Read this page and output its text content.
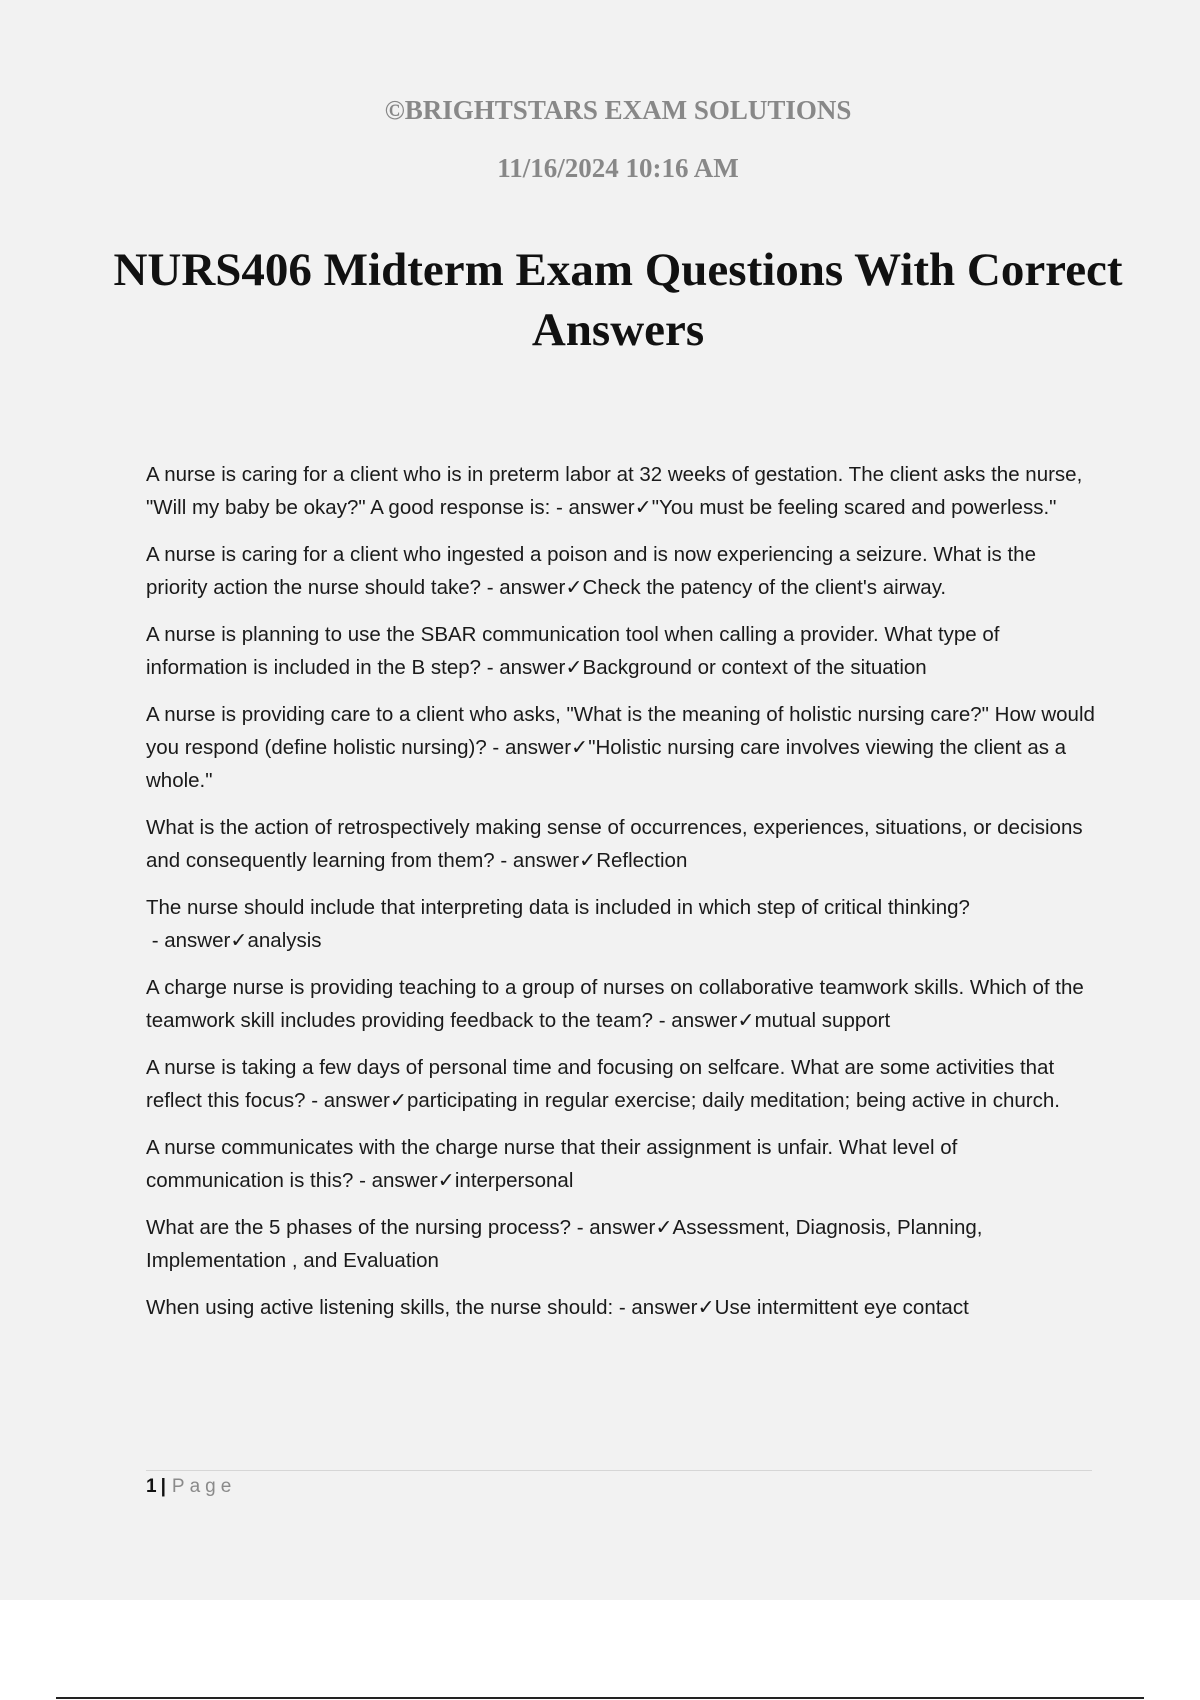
©BRIGHTSTARS EXAM SOLUTIONS

11/16/2024 10:16 AM

NURS406 Midterm Exam Questions With Correct Answers
A nurse is caring for a client who is in preterm labor at 32 weeks of gestation. The client asks the nurse, "Will my baby be okay?" A good response is: - answer✓"You must be feeling scared and powerless."
A nurse is caring for a client who ingested a poison and is now experiencing a seizure. What is the priority action the nurse should take? - answer✓Check the patency of the client's airway.
A nurse is planning to use the SBAR communication tool when calling a provider. What type of information is included in the B step? - answer✓Background or context of the situation
A nurse is providing care to a client who asks, "What is the meaning of holistic nursing care?" How would you respond (define holistic nursing)? - answer✓"Holistic nursing care involves viewing the client as a whole."
What is the action of retrospectively making sense of occurrences, experiences, situations, or decisions and consequently learning from them? - answer✓Reflection
The nurse should include that interpreting data is included in which step of critical thinking? - answer✓analysis
A charge nurse is providing teaching to a group of nurses on collaborative teamwork skills. Which of the teamwork skill includes providing feedback to the team? - answer✓mutual support
A nurse is taking a few days of personal time and focusing on selfcare. What are some activities that reflect this focus? - answer✓participating in regular exercise; daily meditation; being active in church.
A nurse communicates with the charge nurse that their assignment is unfair. What level of communication is this? - answer✓interpersonal
What are the 5 phases of the nursing process? - answer✓Assessment, Diagnosis, Planning, Implementation , and Evaluation
When using active listening skills, the nurse should: - answer✓Use intermittent eye contact
1 | Page
